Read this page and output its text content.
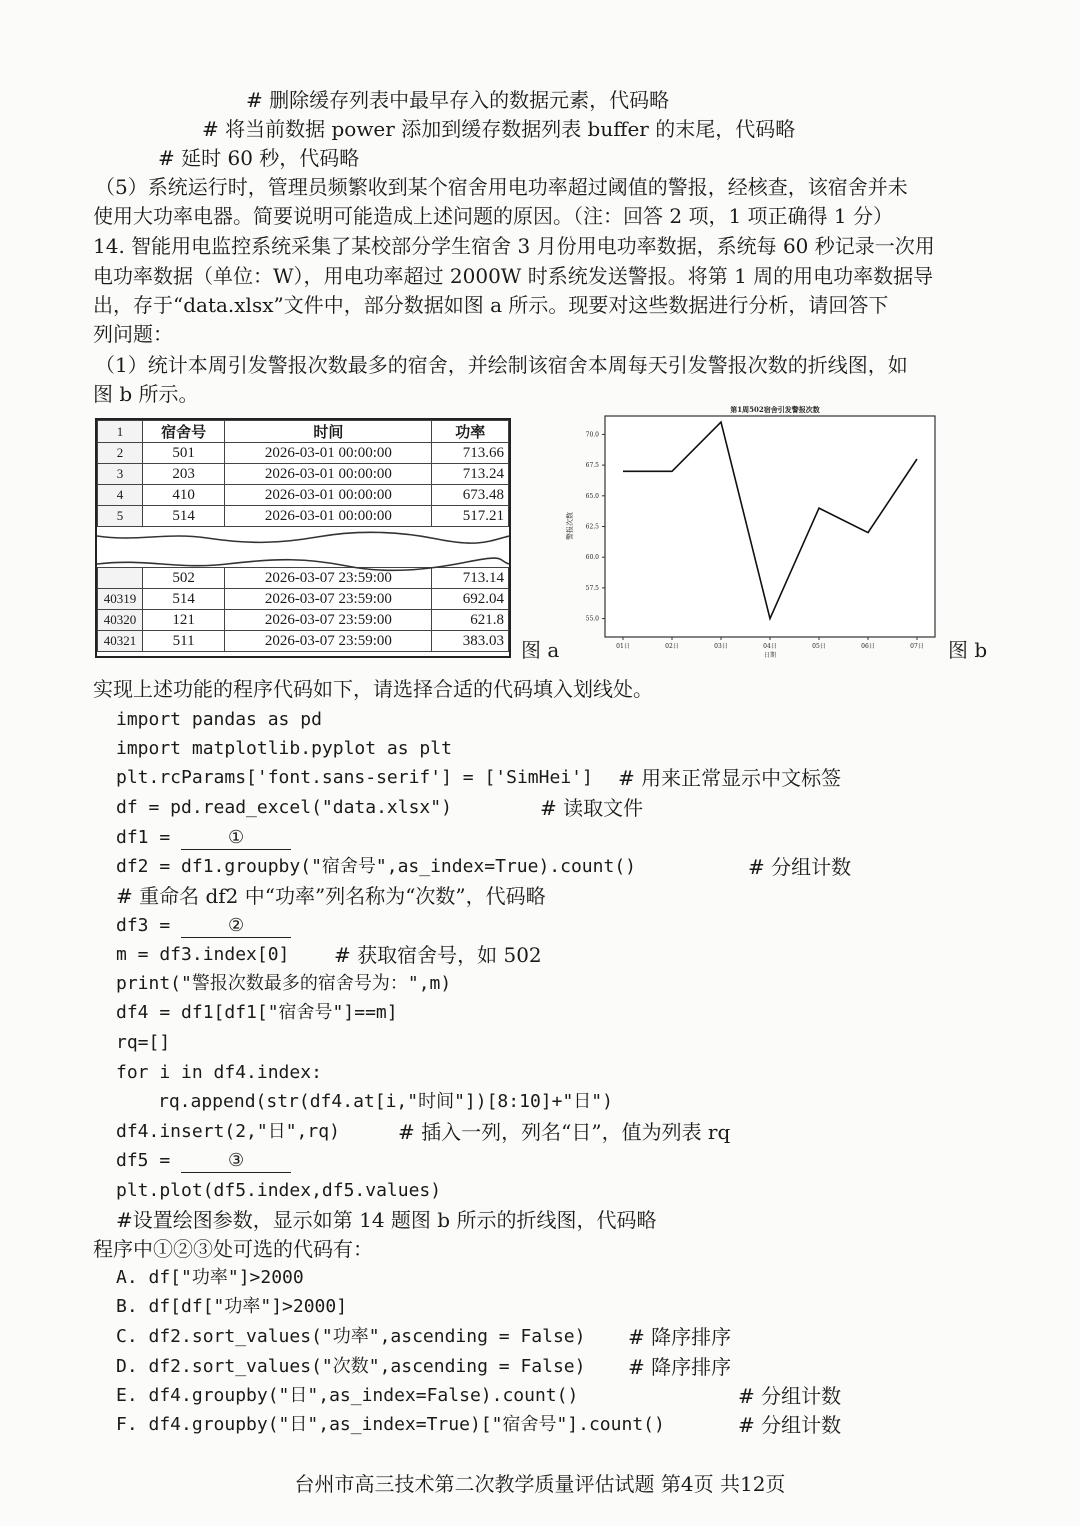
# 删除缓存列表中最早存入的数据元素，代码略
# 将当前数据 power 添加到缓存数据列表 buffer 的末尾，代码略
# 延时 60 秒，代码略
（5）系统运行时，管理员频繁收到某个宿舍用电功率超过阈值的警报，经核查，该宿舍并未
使用大功率电器。简要说明可能造成上述问题的原因。（注：回答 2 项，1 项正确得 1 分）
14. 智能用电监控系统采集了某校部分学生宿舍 3 月份用电功率数据，系统每 60 秒记录一次用
电功率数据（单位：W），用电功率超过 2000W 时系统发送警报。将第 1 周的用电功率数据导
出，存于“data.xlsx”文件中，部分数据如图 a 所示。现要对这些数据进行分析，请回答下
列问题：
（1）统计本周引发警报次数最多的宿舍，并绘制该宿舍本周每天引发警报次数的折线图，如
图 b 所示。
1	宿舍号	时间	功率
2	501	2026-03-01 00:00:00	713.66
3	203	2026-03-01 00:00:00	713.24
4	410	2026-03-01 00:00:00	673.48
5	514	2026-03-01 00:00:00	517.21

	502	2026-03-07 23:59:00	713.14
40319	514	2026-03-07 23:59:00	692.04
40320	121	2026-03-07 23:59:00	621.8
40321	511	2026-03-07 23:59:00	383.03 图 a
第1周502宿舍引发警报次数
警报次数
日期
70.0
67.5
65.0
62.5
60.0
57.5
55.0
01日	02日	03日	04日	05日	06日	07日 图 b
实现上述功能的程序代码如下，请选择合适的代码填入划线处。
import pandas as pd
import matplotlib.pyplot as plt
plt.rcParams['font.sans-serif'] = ['SimHei'] # 用来正常显示中文标签
df = pd.read_excel("data.xlsx")	# 读取文件
df1 =	①
df2 = df1.groupby("宿舍号",as_index=True).count()	# 分组计数
# 重命名 df2 中“功率”列名称为“次数”，代码略
df3 =	②
m = df3.index[0] # 获取宿舍号，如 502
print("警报次数最多的宿舍号为：",m)
df4 = df1[df1["宿舍号"]==m]
rq=[]
for i in df4.index:
rq.append(str(df4.at[i,"时间"])[8:10]+"日")
df4.insert(2,"日",rq)	# 插入一列，列名“日”，值为列表 rq
df5 =	③
plt.plot(df5.index,df5.values)
#设置绘图参数，显示如第 14 题图 b 所示的折线图，代码略
程序中①②③处可选的代码有：
A. df["功率"]>2000
B. df[df["功率"]>2000]
C. df2.sort_values("功率",ascending = False) # 降序排序
D. df2.sort_values("次数",ascending = False) # 降序排序
E. df4.groupby("日",as_index=False).count()	# 分组计数
F. df4.groupby("日",as_index=True)["宿舍号"].count()	# 分组计数
台州市高三技术第二次教学质量评估试题 第4页 共12页
